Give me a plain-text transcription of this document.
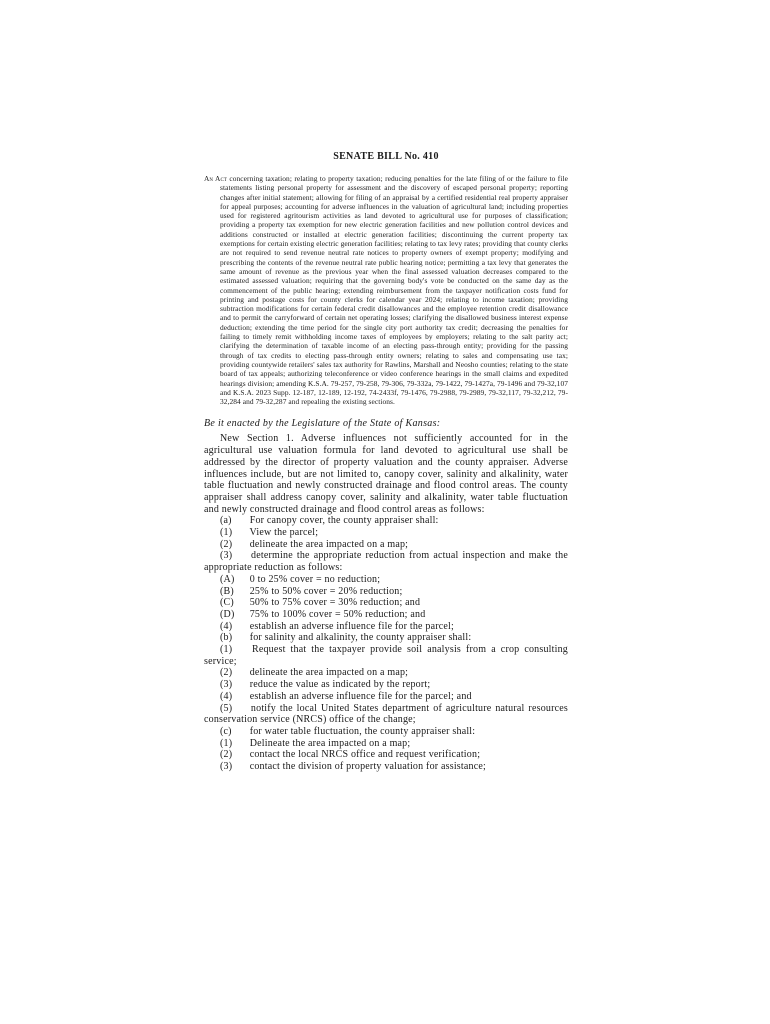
SENATE BILL No. 410

An Act concerning taxation; relating to property taxation; reducing penalties for the late filing of or the failure to file statements listing personal property for assessment and the discovery of escaped personal property; reporting changes after initial statement; allowing for filing of an appraisal by a certified residential real property appraiser for appeal purposes; accounting for adverse influences in the valuation of agricultural land; including properties used for registered agritourism activities as land devoted to agricultural use for purposes of classification; providing a property tax exemption for new electric generation facilities and new pollution control devices and additions constructed or installed at electric generation facilities; discontinuing the current property tax exemptions for certain existing electric generation facilities; relating to tax levy rates; providing that county clerks are not required to send revenue neutral rate notices to property owners of exempt property; modifying and prescribing the contents of the revenue neutral rate public hearing notice; permitting a tax levy that generates the same amount of revenue as the previous year when the final assessed valuation decreases compared to the estimated assessed valuation; requiring that the governing body's vote be conducted on the same day as the commencement of the public hearing; extending reimbursement from the taxpayer notification costs fund for printing and postage costs for county clerks for calendar year 2024; relating to income taxation; providing subtraction modifications for certain federal credit disallowances and the employee retention credit disallowance and to permit the carryforward of certain net operating losses; clarifying the disallowed business interest expense deduction; extending the time period for the single city port authority tax credit; decreasing the penalties for failing to timely remit withholding income taxes of employees by employers; relating to the salt parity act; clarifying the determination of taxable income of an electing pass-through entity; providing for the passing through of tax credits to electing pass-through entity owners; relating to sales and compensating use tax; providing countywide retailers' sales tax authority for Rawlins, Marshall and Neosho counties; relating to the state board of tax appeals; authorizing teleconference or video conference hearings in the small claims and expedited hearings division; amending K.S.A. 79-257, 79-258, 79-306, 79-332a, 79-1422, 79-1427a, 79-1496 and 79-32,107 and K.S.A. 2023 Supp. 12-187, 12-189, 12-192, 74-2433f, 79-1476, 79-2988, 79-2989, 79-32,117, 79-32,212, 79-32,284 and 79-32,287 and repealing the existing sections.

Be it enacted by the Legislature of the State of Kansas:

New Section 1. Adverse influences not sufficiently accounted for in the agricultural use valuation formula for land devoted to agricultural use shall be addressed by the director of property valuation and the county appraiser. Adverse influences include, but are not limited to, canopy cover, salinity and alkalinity, water table fluctuation and newly constructed drainage and flood control areas. The county appraiser shall address canopy cover, salinity and alkalinity, water table fluctuation and newly constructed drainage and flood control areas as follows:

(a) For canopy cover, the county appraiser shall:

(1) View the parcel;

(2) delineate the area impacted on a map;

(3) determine the appropriate reduction from actual inspection and make the appropriate reduction as follows:

(A) 0 to 25% cover = no reduction;

(B) 25% to 50% cover = 20% reduction;

(C) 50% to 75% cover = 30% reduction; and

(D) 75% to 100% cover = 50% reduction; and

(4) establish an adverse influence file for the parcel;

(b) for salinity and alkalinity, the county appraiser shall:

(1) Request that the taxpayer provide soil analysis from a crop consulting service;

(2) delineate the area impacted on a map;

(3) reduce the value as indicated by the report;

(4) establish an adverse influence file for the parcel; and

(5) notify the local United States department of agriculture natural resources conservation service (NRCS) office of the change;

(c) for water table fluctuation, the county appraiser shall:

(1) Delineate the area impacted on a map;

(2) contact the local NRCS office and request verification;

(3) contact the division of property valuation for assistance;
